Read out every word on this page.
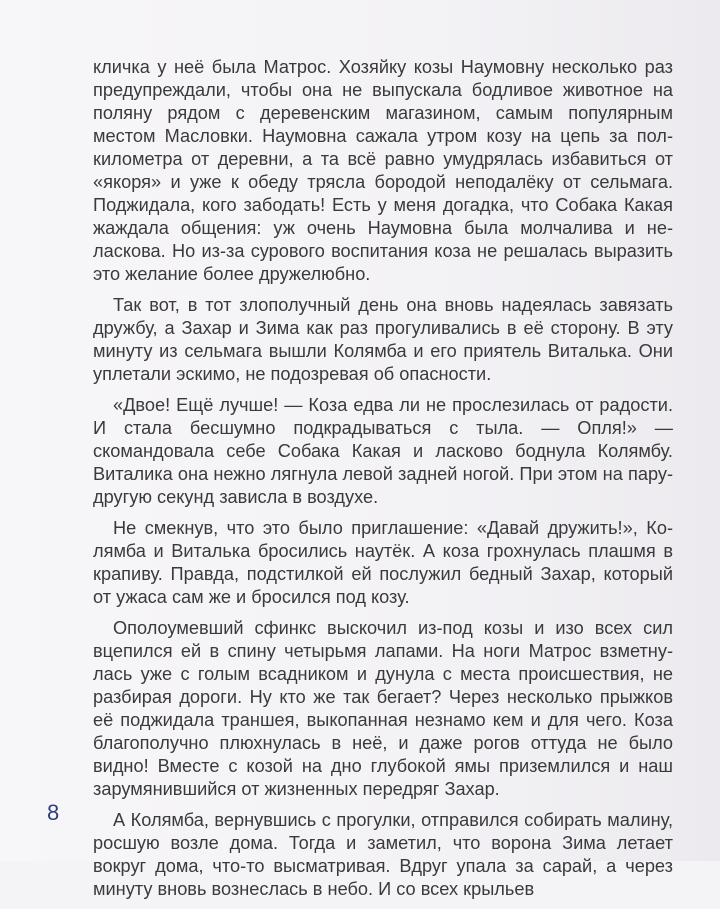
кличка у неё была Матрос. Хозяйку козы Наумовну несколько раз предупреждали, чтобы она не выпускала бодливое животное на поляну рядом с деревенским магазином, самым популярным местом Масловки. Наумовна сажала утром козу на цепь за полкилометра от деревни, а та всё равно умудрялась избавиться от «якоря» и уже к обеду трясла бородой неподалёку от сельмага. Поджидала, кого забодать! Есть у меня догадка, что Собака Какая жаждала общения: уж очень Наумовна была молчалива и неласкова. Но из-за сурового воспитания коза не решалась выразить это желание более дружелюбно.

Так вот, в тот злополучный день она вновь надеялась завязать дружбу, а Захар и Зима как раз прогуливались в её сторону. В эту минуту из сельмага вышли Колямба и его приятель Виталька. Они уплетали эскимо, не подозревая об опасности.

«Двое! Ещё лучше! — Коза едва ли не прослезилась от радости. И стала бесшумно подкрадываться с тыла. — Опля!» — скомандовала себе Собака Какая и ласково боднула Колямбу. Виталика она нежно лягнула левой задней ногой. При этом на пару-другую секунд зависла в воздухе.

Не смекнув, что это было приглашение: «Давай дружить!», Колямба и Виталька бросились наутёк. А коза грохнулась плашмя в крапиву. Правда, подстилкой ей послужил бедный Захар, который от ужаса сам же и бросился под козу.

Ополоумевший сфинкс выскочил из-под козы и изо всех сил вцепился ей в спину четырьмя лапами. На ноги Матрос взметнулась уже с голым всадником и дунула с места происшествия, не разбирая дороги. Ну кто же так бегает? Через несколько прыжков её поджидала траншея, выкопанная незнамо кем и для чего. Коза благополучно плюхнулась в неё, и даже рогов оттуда не было видно! Вместе с козой на дно глубокой ямы приземлился и наш зарумянившийся от жизненных передряг Захар.

А Колямба, вернувшись с прогулки, отправился собирать малину, росшую возле дома. Тогда и заметил, что ворона Зима летает вокруг дома, что-то высматривая. Вдруг упала за сарай, а через минуту вновь вознеслась в небо. И со всех крыльев

8
